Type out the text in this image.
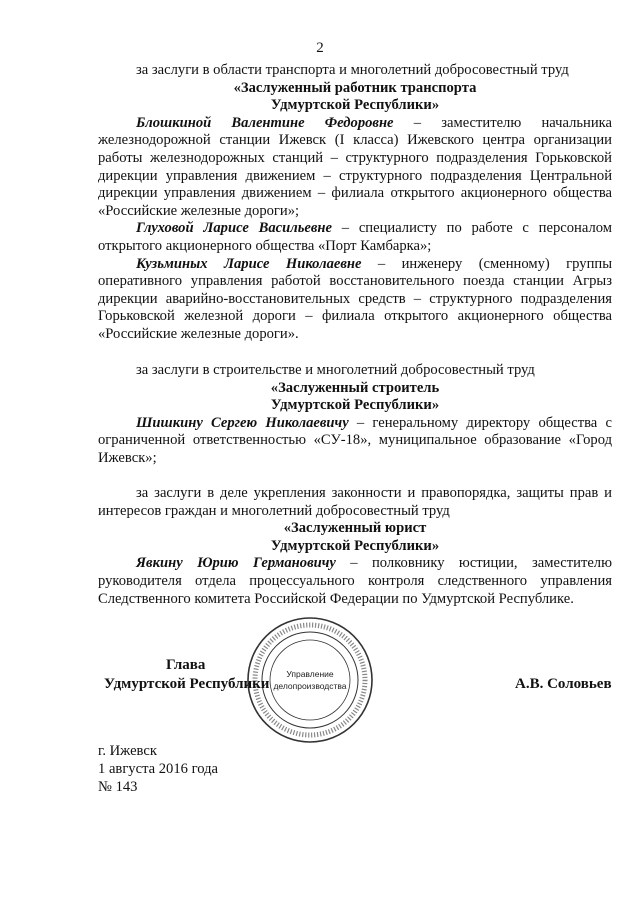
2

за заслуги в области транспорта и многолетний добросовестный труд

«Заслуженный работник транспорта
Удмуртской Республики»

Блошкиной Валентине Федоровне – заместителю начальника железнодорожной станции Ижевск (I класса) Ижевского центра организации работы железнодорожных станций – структурного подразделения Горьковской дирекции управления движением – структурного подразделения Центральной дирекции управления движением – филиала открытого акционерного общества «Российские железные дороги»;

Глуховой Ларисе Васильевне – специалисту по работе с персоналом открытого акционерного общества «Порт Камбарка»;

Кузьминых Ларисе Николаевне – инженеру (сменному) группы оперативного управления работой восстановительного поезда станции Агрыз дирекции аварийно-восстановительных средств – структурного подразделения Горьковской железной дороги – филиала открытого акционерного общества «Российские железные дороги».

за заслуги в строительстве и многолетний добросовестный труд

«Заслуженный строитель
Удмуртской Республики»

Шишкину Сергею Николаевичу – генеральному директору общества с ограниченной ответственностью «СУ-18», муниципальное образование «Город Ижевск»;

за заслуги в деле укрепления законности и правопорядка, защиты прав и интересов граждан и многолетний добросовестный труд

«Заслуженный юрист
Удмуртской Республики»

Явкину Юрию Германовичу – полковнику юстиции, заместителю руководителя отдела процессуального контроля следственного управления Следственного комитета Российской Федерации по Удмуртской Республике.

Управление
делопроизводства
Глава
Удмуртской Республики	А.В. Соловьев
г. Ижевск
1 августа 2016 года
№ 143
